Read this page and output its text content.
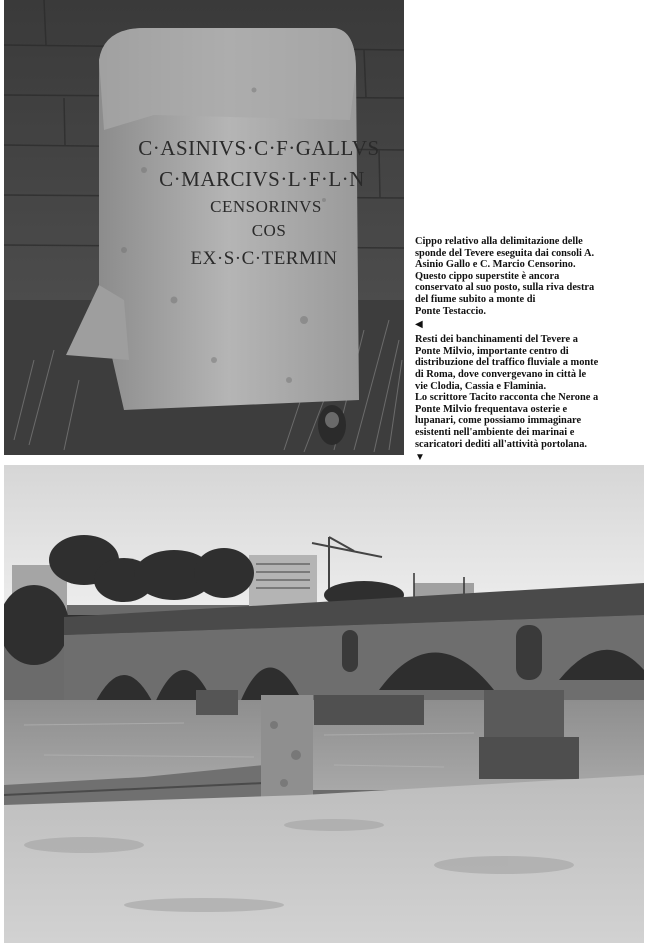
C·ASINIVS·C·F·GALLVS
C·MARCIVS·L·F·L·N
CENSORINVS
COS
EX·S·C·TERMIN

Cippo relativo alla delimitazione delle

sponde del Tevere eseguita dai consoli A.

Asinio Gallo e C. Marcio Censorino.

Questo cippo superstite è ancora

conservato al suo posto, sulla riva destra

del fiume subito a monte di

Ponte Testaccio.

◀

Resti dei banchinamenti del Tevere a

Ponte Milvio, importante centro di

distribuzione del traffico fluviale a monte

di Roma, dove convergevano in città le

vie Clodia, Cassia e Flaminia.

Lo scrittore Tacito racconta che Nerone a

Ponte Milvio frequentava osterie e

lupanari, come possiamo immaginare

esistenti nell'ambiente dei marinai e

scaricatori dediti all'attività portolana.

▼
